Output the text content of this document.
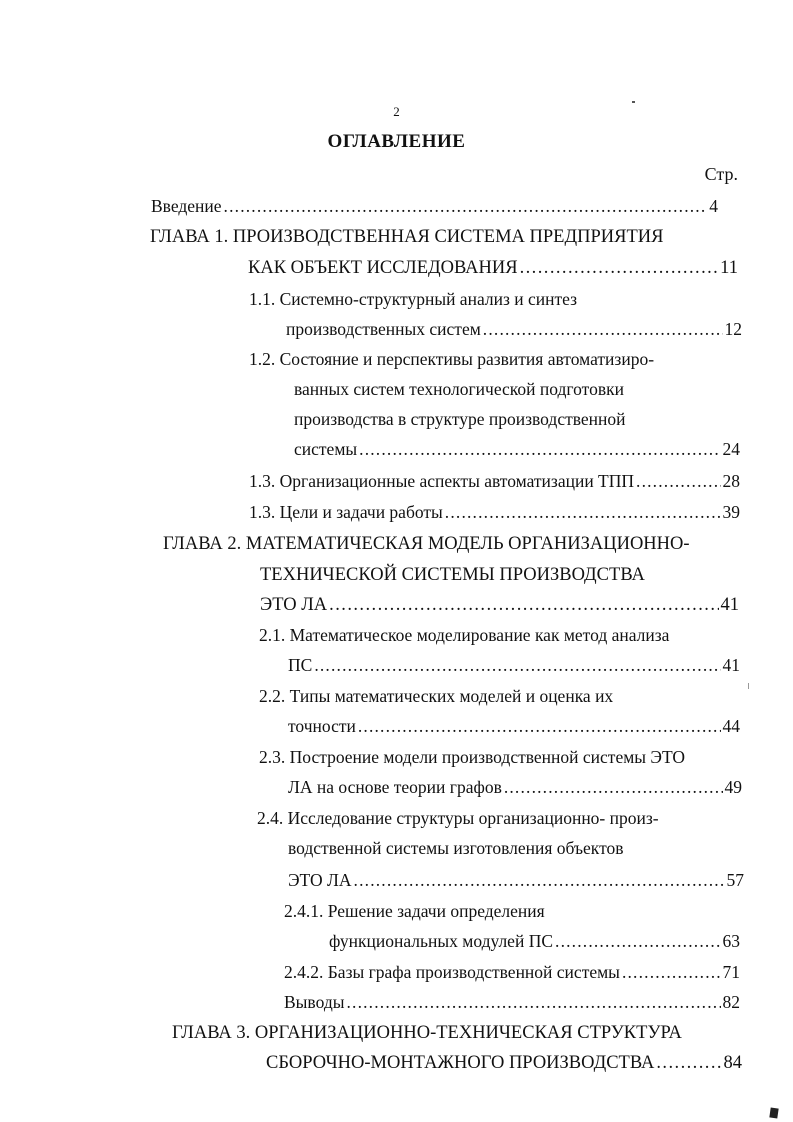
2
ОГЛАВЛЕНИЕ
Стр.
Введение . . .	4
ГЛАВА 1. ПРОИЗВОДСТВЕННАЯ СИСТЕМА ПРЕДПРИЯТИЯ
КАК ОБЪЕКТ ИССЛЕДОВАНИЯ . . .	11
1.1. Системно-структурный анализ и синтез
производственных систем . . .	12
1.2. Состояние и перспективы развития автоматизиро-
ванных систем технологической подготовки
производства в структуре производственной
системы . . .	24
1.3. Организационные аспекты автоматизации ТПП . . .	28
1.3. Цели и задачи работы . . .	39
ГЛАВА 2. МАТЕМАТИЧЕСКАЯ МОДЕЛЬ ОРГАНИЗАЦИОННО-
ТЕХНИЧЕСКОЙ СИСТЕМЫ ПРОИЗВОДСТВА
ЭТО ЛА . . .	41
2.1. Математическое моделирование как метод анализа
ПС . . .	41
2.2. Типы математических моделей и оценка их
точности . . .	44
2.3. Построение модели производственной системы ЭТО
ЛА на основе теории графов . . .	49
2.4. Исследование структуры организационно- произ-
водственной системы изготовления объектов
ЭТО ЛА . . .	57
2.4.1. Решение задачи определения
функциональных модулей ПС . . .	63
2.4.2. Базы графа производственной системы . . .	71
Выводы . . .	82
ГЛАВА 3. ОРГАНИЗАЦИОННО-ТЕХНИЧЕСКАЯ СТРУКТУРА
СБОРОЧНО-МОНТАЖНОГО ПРОИЗВОДСТВА . . .	84
